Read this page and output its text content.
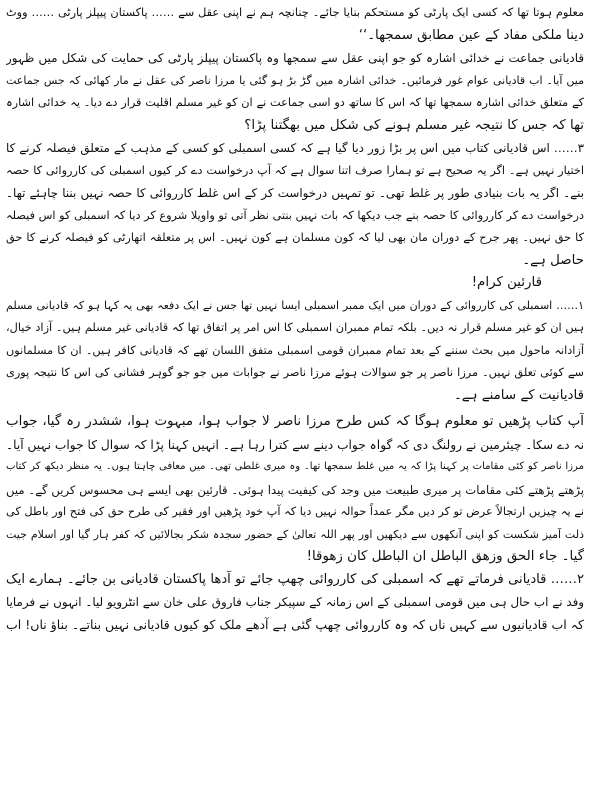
معلوم ہوتا تھا کہ کسی ایک پارٹی کو مستحکم بنایا جائے۔ چنانچہ ہم نے اپنی عقل سے …… پاکستان پیپلز پارٹی …… ووٹ
دینا ملکی مفاد کے عین مطابق سمجھا۔‘‘
قادیانی جماعت نے خدائی اشارہ کو جو اپنی عقل سے سمجھا وہ پاکستان پیپلز پارٹی کی حمایت کی شکل میں ظہور
میں آیا۔ اب قادیانی عوام غور فرمائیں۔ خدائی اشارہ میں گڑ بڑ ہو گئی یا مرزا ناصر کی عقل نے مار کھائی کہ جس جماعت
کے متعلق خدائی اشارہ سمجھا تھا کہ اس کا ساتھ دو اسی جماعت نے ان کو غیر مسلم اقلیت قرار دے دیا۔ یہ خدائی اشارہ
تھا کہ جس کا نتیجہ غیر مسلم ہونے کی شکل میں بھگتنا پڑا؟
۳…… اس قادیانی کتاب میں اس پر بڑا زور دیا گیا ہے کہ کسی اسمبلی کو کسی کے مذہب کے متعلق فیصلہ کرنے کا
اختیار نہیں ہے۔ اگر یہ صحیح ہے تو ہمارا صرف اتنا سوال ہے کہ آپ درخواست دے کر کیوں اسمبلی کی کارروائی کا حصہ
بنے۔ اگر یہ بات بنیادی طور پر غلط تھی۔ تو تمہیں درخواست کر کے اس غلط کارروائی کا حصہ نہیں بننا چاہئے تھا۔
درخواست دے کر کارروائی کا حصہ بنے جب دیکھا کہ بات نہیں بنتی نظر آتی تو واویلا شروع کر دیا کہ اسمبلی کو اس فیصلہ
کا حق نہیں۔ پھر جرح کے دوران مان بھی لیا کہ کون مسلمان ہے کون نہیں۔ اس پر متعلقہ اتھارٹی کو فیصلہ کرنے کا حق
حاصل ہے۔
قارئین کرام!
۱…… اسمبلی کی کارروائی کے دوران میں ایک ممبر اسمبلی ایسا نہیں تھا جس نے ایک دفعہ بھی یہ کہا ہو کہ قادیانی مسلم
ہیں ان کو غیر مسلم قرار نہ دیں۔ بلکہ تمام ممبران اسمبلی کا اس امر پر اتفاق تھا کہ قادیانی غیر مسلم ہیں۔ آزاد خیال،
آزادانہ ماحول میں بحث سننے کے بعد تمام ممبران قومی اسمبلی متفق اللسان تھے کہ قادیانی کافر ہیں۔ ان کا مسلمانوں
سے کوئی تعلق نہیں۔ مرزا ناصر پر جو سوالات ہوئے مرزا ناصر نے جوابات میں جو جو گوہر فشانی کی اس کا نتیجہ پوری
قادیانیت کے سامنے ہے۔
آپ کتاب پڑھیں تو معلوم ہوگا کہ کس طرح مرزا ناصر لا جواب ہوا، مبہوت ہوا، ششدر رہ گیا، جواب
نہ دے سکا۔ چیئرمین نے رولنگ دی کہ گواہ جواب دینے سے کترا رہا ہے۔ انہیں کہنا پڑا کہ سوال کا جواب نہیں آیا۔
مرزا ناصر کو کئی مقامات پر کہنا پڑا کہ یہ میں غلط سمجھا تھا۔ وہ میری غلطی تھی۔ میں معافی چاہتا ہوں۔ یہ منظر دیکھ کر کتاب
پڑھتے پڑھتے کئی مقامات پر میری طبیعت میں وجد کی کیفیت پیدا ہوئی۔ قارئین بھی ایسے ہی محسوس کریں گے۔ میں
نے یہ چیزیں ارتجالاً عرض تو کر دیں مگر عمداً حوالہ نہیں دیا کہ آپ خود پڑھیں اور فقیر کی طرح حق کی فتح اور باطل کی
ذلت آمیز شکست کو اپنی آنکھوں سے دیکھیں اور پھر اللہ تعالیٰ کے حضور سجدہ شکر بجالائیں کہ کفر ہار گیا اور اسلام جیت
گیا۔ جاء الحق وزهق الباطل ان الباطل كان زهوقا!
۲…… قادیانی فرماتے تھے کہ اسمبلی کی کارروائی چھپ جائے تو آدھا پاکستان قادیانی بن جائے۔ ہمارے ایک
وفد نے اب حال ہی میں قومی اسمبلی کے اس زمانہ کے سپیکر جناب فاروق علی خان سے انٹرویو لیا۔ انہوں نے فرمایا
کہ اب قادیانیوں سے کہیں ناں کہ وہ کارروائی چھپ گئی ہے آدھے ملک کو کیوں قادیانی نہیں بناتے۔ بناؤ ناں! اب
